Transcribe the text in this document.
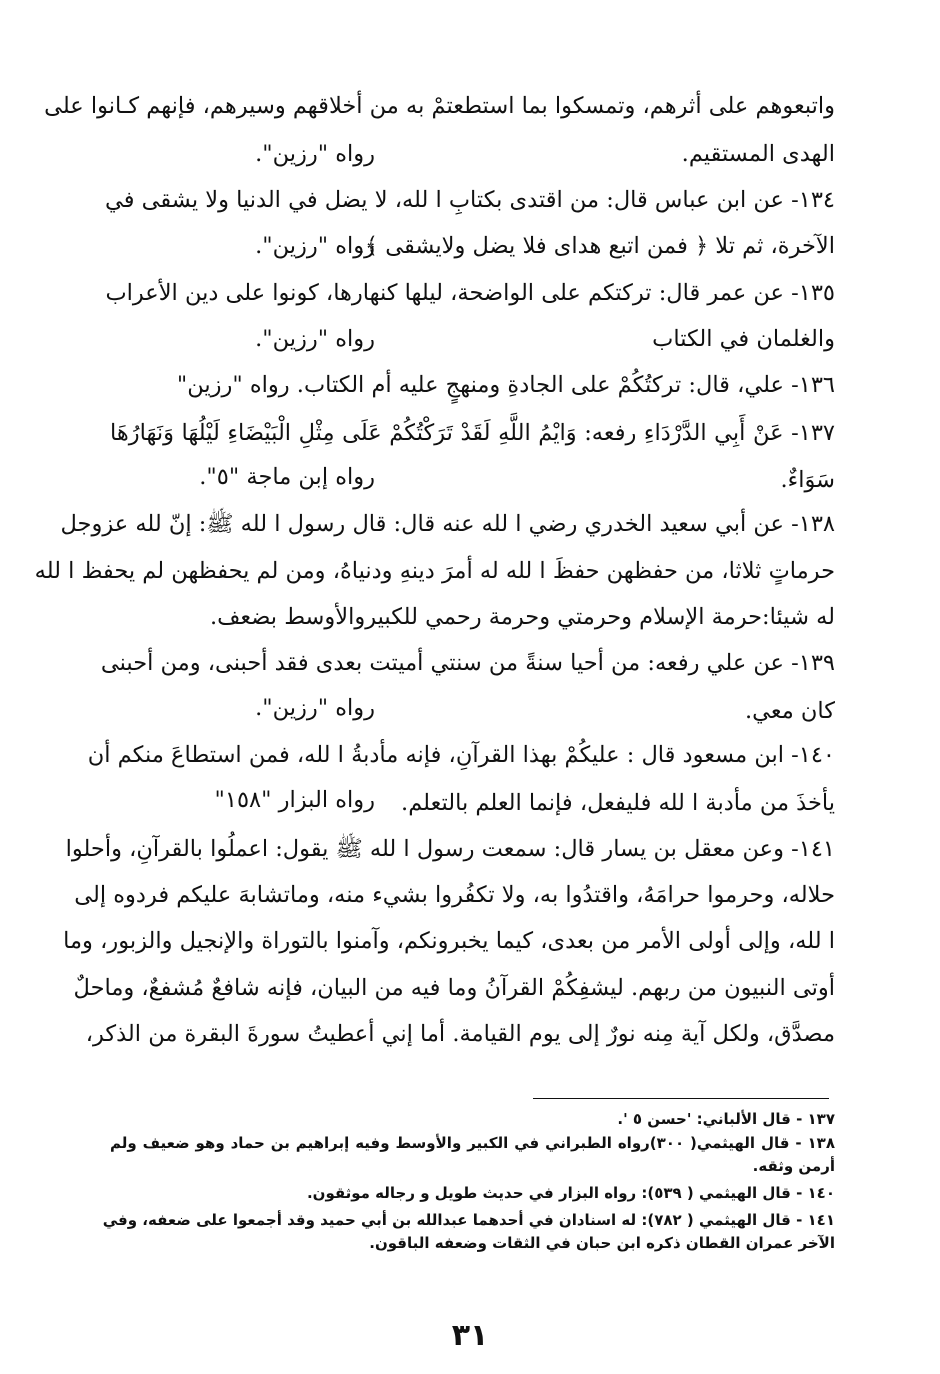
واتبعوهم على أثرهم، وتمسكوا بما استطعتمْ به من أخلاقهم وسيرهم، فإنهم كـانوا على
الهدى المستقيم.
رواه "رزين".
١٣٤- عن ابن عباس قال: من اقتدى بكتابِ ا لله، لا يضل في الدنيا ولا يشقى في
الآخرة، ثم تلا ﴿ فمن اتبع هداى فلا يضل ولايشقى ﴾.
رواه "رزين".
١٣٥- عن عمر قال: تركتكم على الواضحة، ليلها كنهارها، كونوا على دين الأعراب
والغلمان في الكتاب
رواه "رزين".
١٣٦- علي، قال: تركتُكُمْ على الجادةِ ومنهجٍ عليه أم الكتاب. رواه "رزين"
١٣٧- عَنْ أَبِي الدَّرْدَاءِ رفعه: وَايْمُ اللَّهِ لَقَدْ تَرَكْتُكُمْ عَلَى مِثْلِ الْبَيْضَاءِ لَيْلُهَا وَنَهَارُهَا
سَوَاءٌ.
رواه إبن ماجة "٥".
١٣٨- عن أبي سعيد الخدري رضي ا لله عنه قال: قال رسول ا لله ﷺ: إنّ لله عزوجل
حرماتٍ ثلاثا، من حفظهن حفظَ ا لله له أمرَ دينهِ ودنياهُ، ومن لم يحفظهن لم يحفظ ا لله
له شيئا:حرمة الإسلام وحرمتي وحرمة رحمي للكبيروالأوسط بضعف.
١٣٩- عن علي رفعه: من أحيا سنةً من سنتي أميتت بعدى فقد أحبنى، ومن أحبنى
كان معي.
رواه "رزين".
١٤٠- ابن مسعود قال : عليكُمْ بهذا القرآنِ، فإنه مأدبةُ ا لله، فمن استطاعَ منكم أن
يأخذَ من مأدبة ا لله فليفعل، فإنما العلم بالتعلم.
رواه البزار "١٥٨"
١٤١- وعن معقل بن يسار قال: سمعت رسول ا لله ﷺ يقول: اعملُوا بالقرآنِ، وأحلوا
حلاله، وحرموا حرامَهُ، واقتدُوا به، ولا تكفُروا بشيء منه، وماتشابهَ عليكم فردوه إلى
ا لله، وإلى أولى الأمر من بعدى، كيما يخبرونكم، وآمنوا بالتوراة والإنجيل والزبور، وما
أوتى النبيون من ربهم. ليشفِكُمْ القرآنُ وما فيه من البيان، فإنه شافعٌ مُشفعٌ، وماحلٌ
مصدَّق، ولكل آية مِنه نورٌ إلى يوم القيامة. أما إني أعطيتُ سورةَ البقرة من الذكر،
١٣٧ - قال الألباني: 'حسن ٥ '.
١٣٨ - قال الهيثمي( ٣٠٠)رواه الطبراني في الكبير والأوسط وفيه إبراهيم بن حماد وهو ضعيف ولم
أرمن وثقه.
١٤٠ - قال الهيثمي ( ٥٣٩): رواه البزار في حديث طويل و رجاله موثقون.
١٤١ - قال الهيثمي ( ٧٨٢): له اسنادان في أحدهما عبدالله بن أبي حميد وقد أجمعوا على ضعفه، وفي
الآخر عمران القطان ذكره ابن حبان في الثقات وضعفه الباقون.
٣١
